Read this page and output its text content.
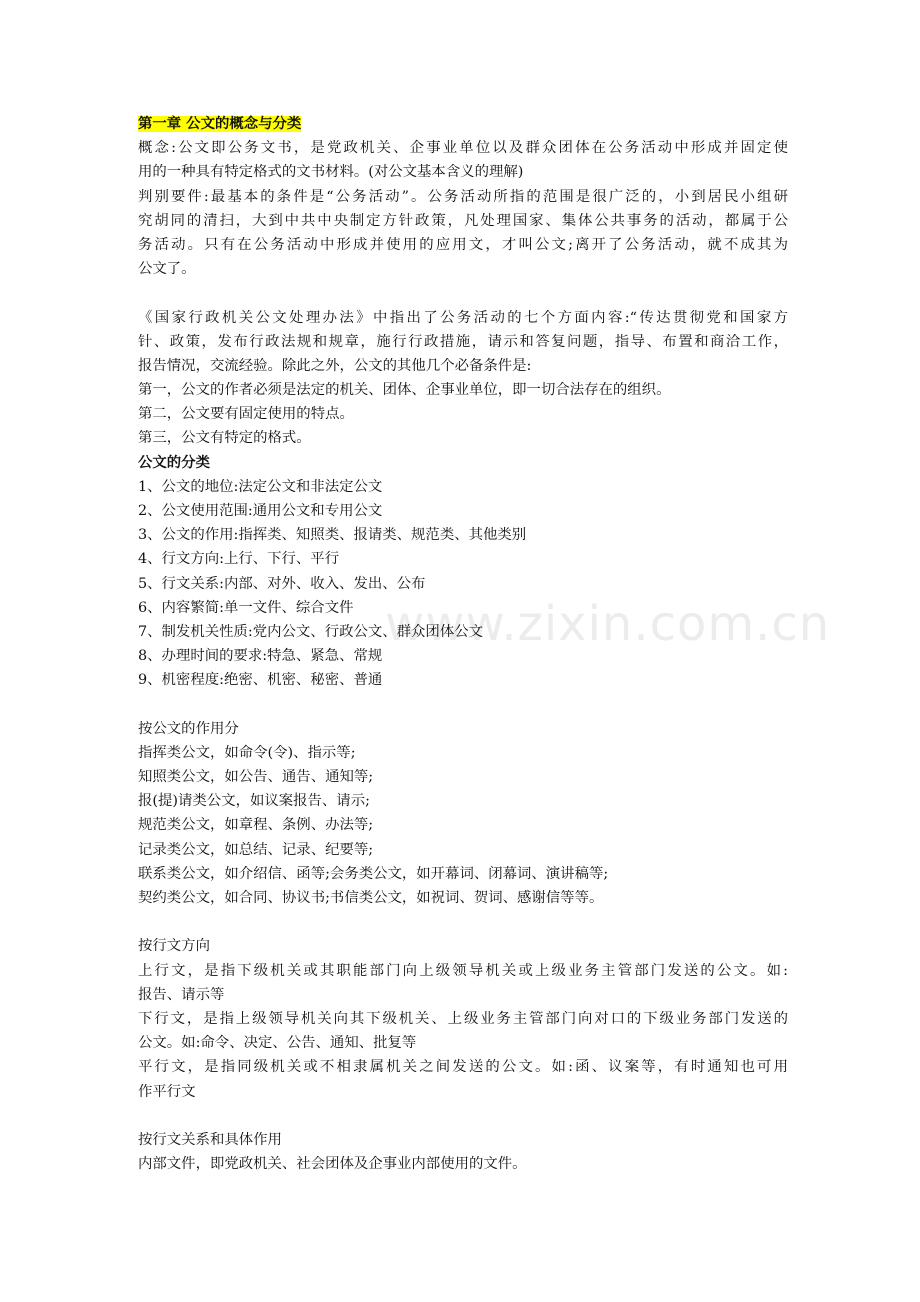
www.zixin.com.cn
第一章 公文的概念与分类
概念:公文即公务文书，是党政机关、企事业单位以及群众团体在公务活动中形成并固定使
用的一种具有特定格式的文书材料。(对公文基本含义的理解)
判别要件:最基本的条件是“公务活动”。公务活动所指的范围是很广泛的，小到居民小组研
究胡同的清扫，大到中共中央制定方针政策，凡处理国家、集体公共事务的活动，都属于公
务活动。只有在公务活动中形成并使用的应用文，才叫公文;离开了公务活动，就不成其为
公文了。
《国家行政机关公文处理办法》中指出了公务活动的七个方面内容:“传达贯彻党和国家方
针、政策，发布行政法规和规章，施行行政措施，请示和答复问题，指导、布置和商洽工作，
报告情况，交流经验。除此之外，公文的其他几个必备条件是:
第一，公文的作者必须是法定的机关、团体、企事业单位，即一切合法存在的组织。
第二，公文要有固定使用的特点。
第三，公文有特定的格式。
公文的分类
1、公文的地位:法定公文和非法定公文
2、公文使用范围:通用公文和专用公文
3、公文的作用:指挥类、知照类、报请类、规范类、其他类别
4、行文方向:上行、下行、平行
5、行文关系:内部、对外、收入、发出、公布
6、内容繁简:单一文件、综合文件
7、制发机关性质:党内公文、行政公文、群众团体公文
8、办理时间的要求:特急、紧急、常规
9、机密程度:绝密、机密、秘密、普通
按公文的作用分
指挥类公文，如命令(令)、指示等;
知照类公文，如公告、通告、通知等;
报(提)请类公文，如议案报告、请示;
规范类公文，如章程、条例、办法等;
记录类公文，如总结、记录、纪要等;
联系类公文，如介绍信、函等;会务类公文，如开幕词、闭幕词、演讲稿等;
契约类公文，如合同、协议书;书信类公文，如祝词、贺词、感谢信等等。
按行文方向
上行文，是指下级机关或其职能部门向上级领导机关或上级业务主管部门发送的公文。如:
报告、请示等
下行文，是指上级领导机关向其下级机关、上级业务主管部门向对口的下级业务部门发送的
公文。如:命令、决定、公告、通知、批复等
平行文，是指同级机关或不相隶属机关之间发送的公文。如:函、议案等，有时通知也可用
作平行文
按行文关系和具体作用
内部文件，即党政机关、社会团体及企事业内部使用的文件。
